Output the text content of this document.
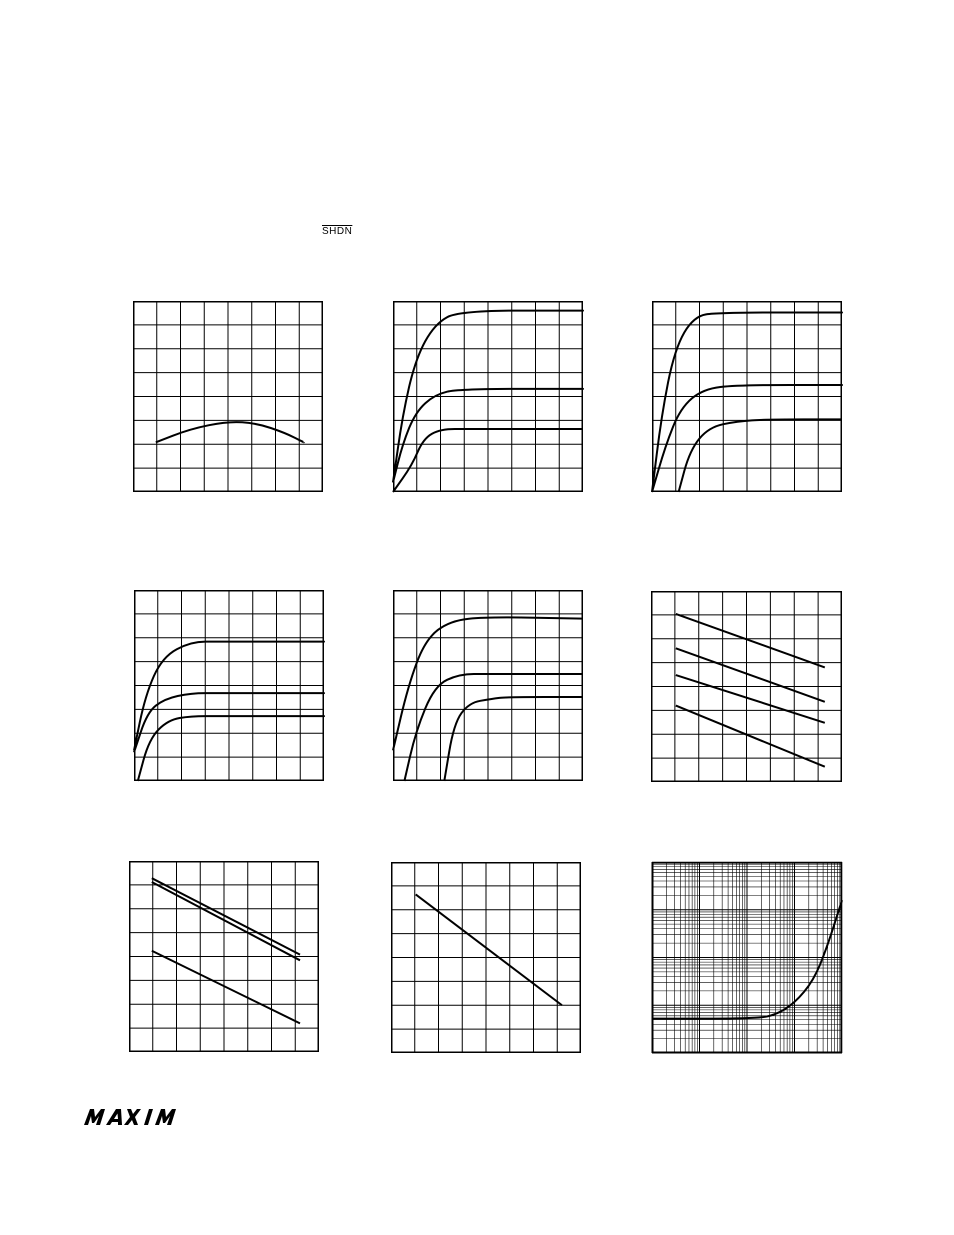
SHDN
